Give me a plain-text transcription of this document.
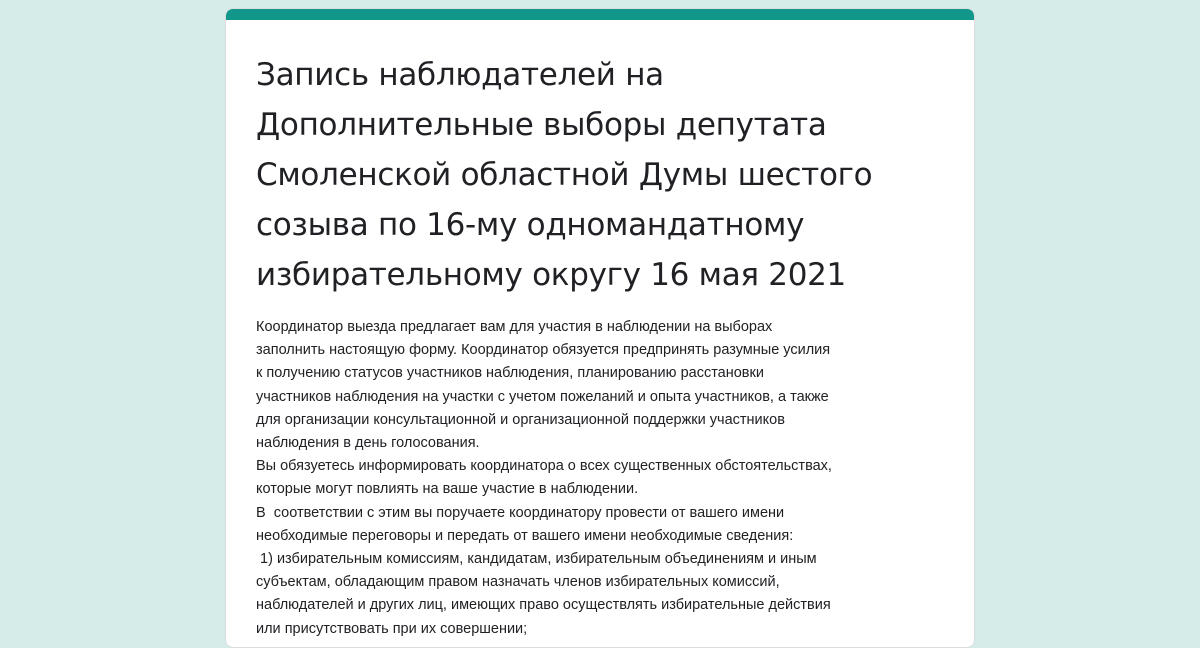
Запись наблюдателей на Дополнительные выборы депутата Смоленской областной Думы шестого созыва по 16-му одномандатному избирательному округу 16 мая 2021
Координатор выезда предлагает вам для участия в наблюдении на выборах
заполнить настоящую форму. Координатор обязуется предпринять разумные усилия
к получению статусов участников наблюдения, планированию расстановки
участников наблюдения на участки с учетом пожеланий и опыта участников, а также
для организации консультационной и организационной поддержки участников
наблюдения в день голосования.
Вы обязуетесь информировать координатора о всех существенных обстоятельствах,
которые могут повлиять на ваше участие в наблюдении.
В  соответствии с этим вы поручаете координатору провести от вашего имени
необходимые переговоры и передать от вашего имени необходимые сведения:
1) избирательным комиссиям, кандидатам, избирательным объединениям и иным
субъектам, обладающим правом назначать членов избирательных комиссий,
наблюдателей и других лиц, имеющих право осуществлять избирательные действия
или присутствовать при их совершении;
